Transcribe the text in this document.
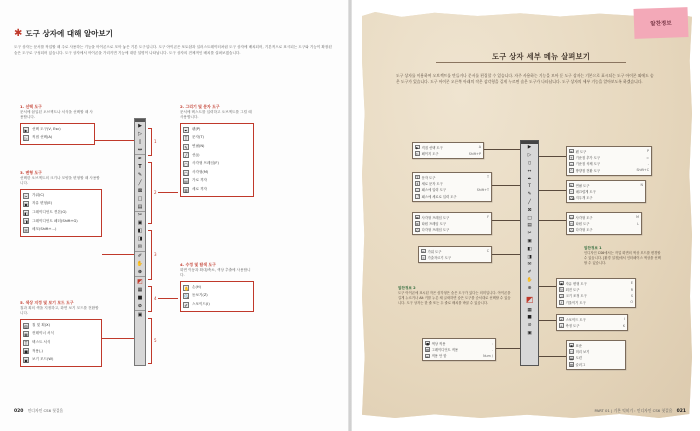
✱ 도구 상자에 대해 알아보기
도구 상자는 문서를 작업할 때 주로 사용하는 기능을 아이콘으로 모아 놓은 기본 도구입니다. 도구 아이콘은 포토샵과 일러스트레이터처럼 도구 상자에 배치되어, 기본적으로 표시되는 도구와 기능이 확장된 숨은 도구로 구성되어 있습니다. 도구 상자에서 아이콘을 가리키면 기능에 대한 설명이 나타납니다. 도구 상자의 전체적인 배치를 살펴보겠습니다.
1. 선택 도구
문서에 삽입된 오브젝트나 서식을 선택할 때 사용합니다.
▶	선택 도구(V, Esc)
▷	직접 선택(A)
3. 변형 도구
선택한 오브젝트의 크기나 모양을 변형할 때 사용합니다.
✂	가위(C)
▣	자유 변형(E)
◧	그레이디언트 견본(G)
◨	그레이디언트 페더(Shift+G)
✉	메모(Shift+...)
5. 색상 지정 및 보기 모드 도구
칠과 획의 색을 지정하고, 화면 보기 모드를 전환합니다.
▨	칠 및 획(X)
▦	컨테이너 서식
T	텍스트 서식
■	적용(,)
▣	보기 모드(W)
▶
▷
▯
↔
✒
T
✎
╱
⊠
□
▤
✂
▣
◧
◨
✉
✐
✋
⊕
◩
▦
■
⊘
▣
1
2
3
4
5
2. 그리기 및 문자 도구
문서에 텍스트를 입력하고 오브젝트를 그릴 때 사용합니다.
✒	펜(P)
T	문자(T)
✎	연필(N)
╱	선(\)
▢	사각형 프레임(F)
□	사각형(M)
▤	가로 격자
▥	세로 격자
4. 수정 및 탐색 도구
화면 이동과 확대/축소, 색상 추출에 사용합니다.
✋ 손(H)
🔍 돋보기(Z)
✐	스포이드(I)
020 인디자인 CS6 첫걸음
알찬정보
도구 상자 세부 메뉴 살펴보기
도구 상자를 이용하여 오브젝트를 만들거나 문서를 편집할 수 있습니다. 자주 사용하는 기능을 모아 둔 도구 상자는 기본으로 표시되는 도구 아이콘 외에도 숨은 도구가 있습니다. 도구 아이콘 오른쪽 아래의 작은 삼각형을 길게 누르면 숨은 도구가 나타납니다. 도구 상자의 세부 기능을 알아보도록 하겠습니다.
▶
▷
▯
↔
✒
T
✎
╱
⊠
□
▤
✂
▣
◧
◨
✉
✐
✋
⊕
◩
▦
■
⊘
▣
▶ 직접 선택 도구	A
▷ 페이지 도구	Shift+P
T	문자 도구	T
↕ 세로 문자 도구
⤳ 패스에 입력 도구	Shift+T
⤴ 패스에 세로로 입력 도구
⊠ 사각형 프레임 도구	F
⊗ 타원 프레임 도구
⬡ 다각형 프레임 도구
✂ 가위 도구	C
⊹ 가출자르기 도구
알찬정보 2
도구 아이콘에 표시된 작은 삼각형은 숨은 도구가 있다는 의미입니다. 아이콘을 길게 누르거나 Alt 키를 누른 채 클릭하면 숨은 도구를 순서대로 선택할 수 있습니다. 도구 상자는 한 줄 또는 두 줄로 배치를 바꿀 수 있습니다.
■ 색상 적용	,
▥ 그레이디언트 적용	.
⊘ 적용 안 함	Num /
✒ 펜 도구	P
+ 기준점 추가 도구	=
− 기준점 삭제 도구	-
^ 방향점 전환 도구	Shift+C
✎ 연필 도구	N
~ 매끄럽게 도구
⌫ 지우개 도구
□ 사각형 도구	M
○ 타원 도구	L
⬡ 다각형 도구
알찬정보 1
인디자인 CS6에서는 작업 화면의 색상 모드를 변경할 수 있습니다. [환경 설정]에서 인터페이스 색상을 선택할 수 있습니다.
▣ 자유 변형 도구	E
↻ 회전 도구	R
⤢ 크기 조정 도구	S
⫽	기울이기 도구	O
✐ 스포이드 도구	I
⟂ 측정 도구	K
▣ 표준
▢ 미리 보기
▤ 도련
▥ 슬러그
PART 01 | 기본 익히기 : 인디자인 CS6 첫걸음 021
